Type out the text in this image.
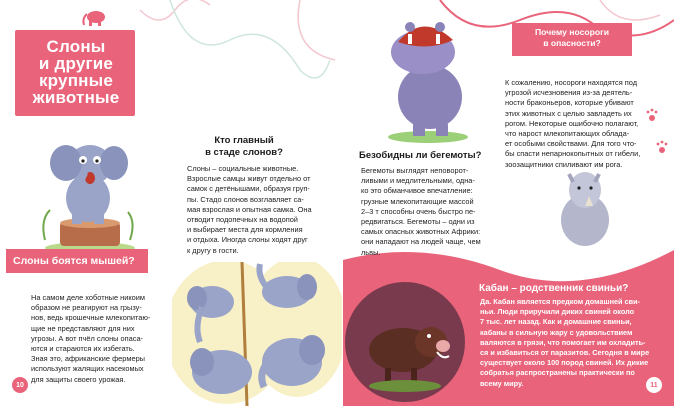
Слоны
и другие
крупные
животные
Слоны боятся мышей?
На самом деле хоботные никоим
образом не реагируют на грызу-
нов, ведь крошечные млекопитаю-
щие не представляют для них
угрозы. А вот пчёл слоны опаса-
ются и стараются их избегать.
Зная это, африканские фермеры
используют жалящих насекомых
для защиты своего урожая.
Кто главный
в стаде слонов?
Слоны – социальные животные.
Взрослые самцы живут отдельно от
самок с детёнышами, образуя груп-
пы. Стадо слонов возглавляет са-
мая взрослая и опытная самка. Она
отводит подопечных на водопой
и выбирает места для кормления
и отдыха. Иногда слоны ходят друг
к другу в гости.
10
Безобидны ли бегемоты?
Бегемоты выглядят неповорот-
ливыми и медлительными, одна-
ко это обманчивое впечатление:
грузные млекопитающие массой
2–3 т способны очень быстро пе-
редвигаться. Бегемоты – одни из
самых опасных животных Африки:
они нападают на людей чаще, чем
львы.
Почему носороги
в опасности?
К сожалению, носороги находятся под
угрозой исчезновения из-за деятель-
ности браконьеров, которые убивают
этих животных с целью завладеть их
рогом. Некоторые ошибочно полагают,
что нарост млекопитающих облада-
ет особыми свойствами. Для того что-
бы спасти непарнокопытных от гибели,
зоозащитники спиливают им рога.
Кабан – родственник свиньи?
Да. Кабан является предком домашней сви-
ньи. Люди приручили диких свиней около
7 тыс. лет назад. Как и домашние свиньи,
кабаны в сильную жару с удовольствием
валяются в грязи, что помогает им охладить-
ся и избавиться от паразитов. Сегодня в мире
существует около 100 пород свиней. Их дикие
собратья распространены практически по
всему миру.	11
